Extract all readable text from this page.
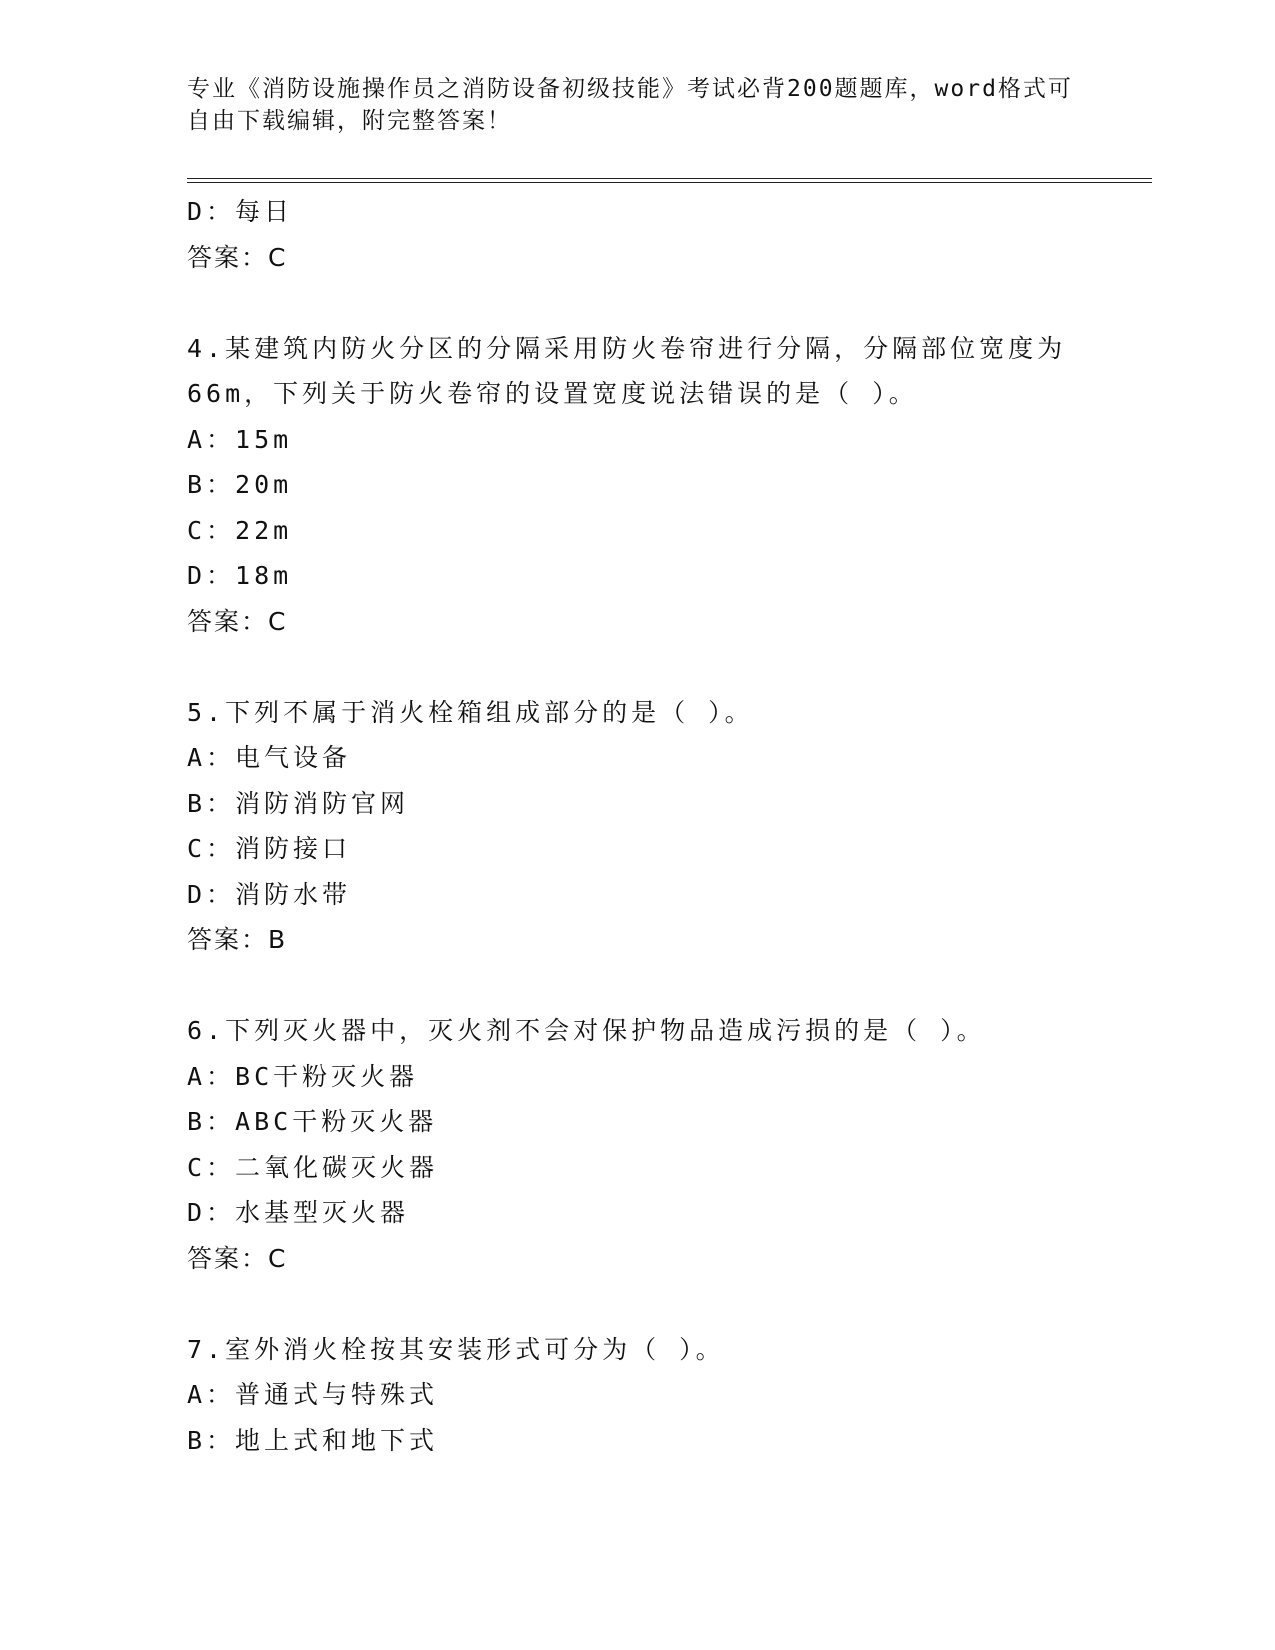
专业《消防设施操作员之消防设备初级技能》考试必背200题题库，word格式可
自由下载编辑，附完整答案！
D：每日
答案：C
4.某建筑内防火分区的分隔采用防火卷帘进行分隔，分隔部位宽度为
66m，下列关于防火卷帘的设置宽度说法错误的是（ ）。
A：15m
B：20m
C：22m
D：18m
答案：C
5.下列不属于消火栓箱组成部分的是（ ）。
A：电气设备
B：消防消防官网
C：消防接口
D：消防水带
答案：B
6.下列灭火器中，灭火剂不会对保护物品造成污损的是（ ）。
A：BC干粉灭火器
B：ABC干粉灭火器
C：二氧化碳灭火器
D：水基型灭火器
答案：C
7.室外消火栓按其安装形式可分为（ ）。
A：普通式与特殊式
B：地上式和地下式
